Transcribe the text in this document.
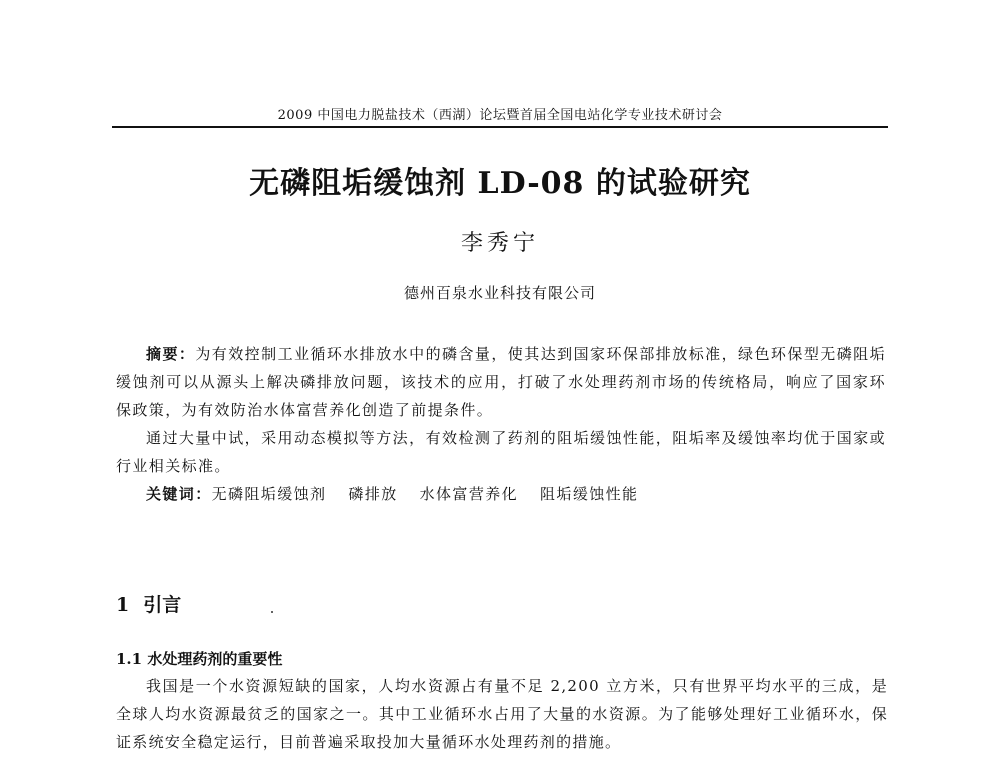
2009 中国电力脱盐技术（西湖）论坛暨首届全国电站化学专业技术研讨会
无磷阻垢缓蚀剂 LD-08 的试验研究
李秀宁
德州百泉水业科技有限公司

摘要：为有效控制工业循环水排放水中的磷含量，使其达到国家环保部排放标准，绿色环保型无磷阻垢缓蚀剂可以从源头上解决磷排放问题，该技术的应用，打破了水处理药剂市场的传统格局，响应了国家环保政策，为有效防治水体富营养化创造了前提条件。

通过大量中试，采用动态模拟等方法，有效检测了药剂的阻垢缓蚀性能，阻垢率及缓蚀率均优于国家或行业相关标准。

关键词：无磷阻垢缓蚀剂 磷排放 水体富营养化 阻垢缓蚀性能

1 引言
1.1 水处理药剂的重要性

我国是一个水资源短缺的国家，人均水资源占有量不足 2,200 立方米，只有世界平均水平的三成，是全球人均水资源最贫乏的国家之一。其中工业循环水占用了大量的水资源。为了能够处理好工业循环水，保证系统安全稳定运行，目前普遍采取投加大量循环水处理药剂的措施。
